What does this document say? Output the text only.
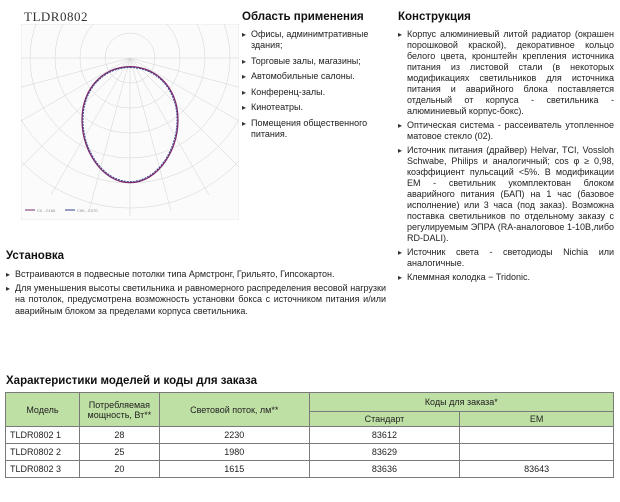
TLDR0802
C0 - C180	C90 - C270
Область применения
▸ Офисы, админимтративные здания;
▸ Торговые залы, магазины;
▸ Автомобильные салоны.
▸ Конференц-залы.
▸ Кинотеатры.
▸ Помещения общественного питания.
Конструкция
▸ Корпус алюминиевый литой радиатор (окрашен порошковой краской), декоративное кольцо белого цвета, кронштейн крепления источника питания из листовой стали (в некоторых модификациях светильников для источника питания и аварийного блока поставляется отдельный от корпуса - светильника - алюминиевый корпус-бокс).
▸ Оптическая система - рассеиватель утопленное матовое стекло (02).
▸ Источник питания (драйвер) Helvar, TCI, Vossloh Schwabe, Philips и аналогичный; cos φ ≥ 0,98, коэффициент пульсаций <5%. В модификации ЕМ - светильник укомплектован блоком аварийного питания (БАП) на 1 час (базовое исполнение) или 3 часа (под заказ). Возможна поставка светильников по отдельному заказу с регулируемым ЭПРА (RA-аналоговое 1-10В,либо RD-DALI).
▸ Источник света - светодиоды Nichia или аналогичные.
▸ Клеммная колодка − Tridonic.
Установка
▸ Встраиваются в подвесные потолки типа Армстронг, Грильято, Гипсокартон.
▸ Для уменьшения высоты светильника и равномерного распределения весовой нагрузки на потолок, предусмотрена возможность установки бокса с источником питания и/или аварийным блоком за пределами корпуса светильника.
Характеристики моделей и коды для заказа
Модель	Потребляемая мощность, Вт**	Световой поток, лм**	Коды для заказа*	
			Стандарт	ЕМ
TLDR0802 1	28	2230	83612	
TLDR0802 2	25	1980	83629	
TLDR0802 3	20	1615	83636	83643
